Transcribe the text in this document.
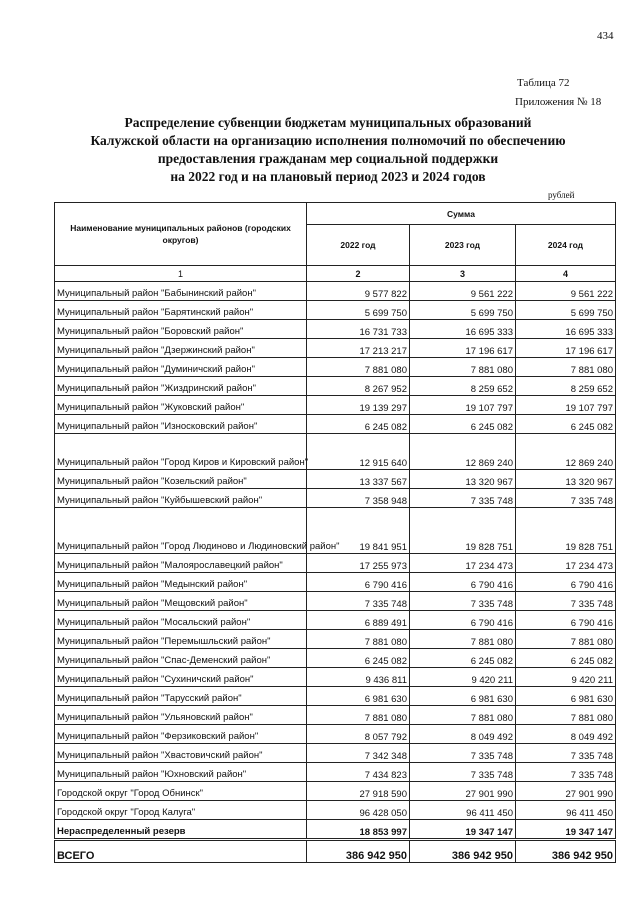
434
Таблица 72
Приложения № 18
Распределение субвенции бюджетам муниципальных образований
Калужской области на организацию исполнения полномочий по обеспечению
предоставления гражданам мер социальной поддержки
на 2022 год и на плановый период 2023 и 2024 годов
рублей
Наименование муниципальных районов (городских округов)	Сумма		
	2022 год	2023 год	2024 год
1	2	3	4
Муниципальный район "Бабынинский район"	9 577 822	9 561 222	9 561 222
Муниципальный район "Барятинский район"	5 699 750	5 699 750	5 699 750
Муниципальный район "Боровский район"	16 731 733	16 695 333	16 695 333
Муниципальный район "Дзержинский район"	17 213 217	17 196 617	17 196 617
Муниципальный район "Думиничский район"	7 881 080	7 881 080	7 881 080
Муниципальный район "Жиздринский район"	8 267 952	8 259 652	8 259 652
Муниципальный район "Жуковский район"	19 139 297	19 107 797	19 107 797
Муниципальный район "Износковский район"	6 245 082	6 245 082	6 245 082
Муниципальный район "Город Киров и Кировский район"	12 915 640	12 869 240	12 869 240
Муниципальный район "Козельский район"	13 337 567	13 320 967	13 320 967
Муниципальный район "Куйбышевский район"	7 358 948	7 335 748	7 335 748
Муниципальный район "Город Людиново и Людиновский район"	19 841 951	19 828 751	19 828 751
Муниципальный район "Малоярославецкий район"	17 255 973	17 234 473	17 234 473
Муниципальный район "Медынский район"	6 790 416	6 790 416	6 790 416
Муниципальный район "Мещовский район"	7 335 748	7 335 748	7 335 748
Муниципальный район "Мосальский район"	6 889 491	6 790 416	6 790 416
Муниципальный район "Перемышльский район"	7 881 080	7 881 080	7 881 080
Муниципальный район "Спас-Деменский район"	6 245 082	6 245 082	6 245 082
Муниципальный район "Сухиничский район"	9 436 811	9 420 211	9 420 211
Муниципальный район "Тарусский район"	6 981 630	6 981 630	6 981 630
Муниципальный район "Ульяновский район"	7 881 080	7 881 080	7 881 080
Муниципальный район "Ферзиковский район"	8 057 792	8 049 492	8 049 492
Муниципальный район "Хвастовичский район"	7 342 348	7 335 748	7 335 748
Муниципальный район "Юхновский район"	7 434 823	7 335 748	7 335 748
Городской округ "Город Обнинск"	27 918 590	27 901 990	27 901 990
Городской округ "Город Калуга"	96 428 050	96 411 450	96 411 450
Нераспределенный резерв	18 853 997	19 347 147	19 347 147
ВСЕГО	386 942 950	386 942 950	386 942 950
